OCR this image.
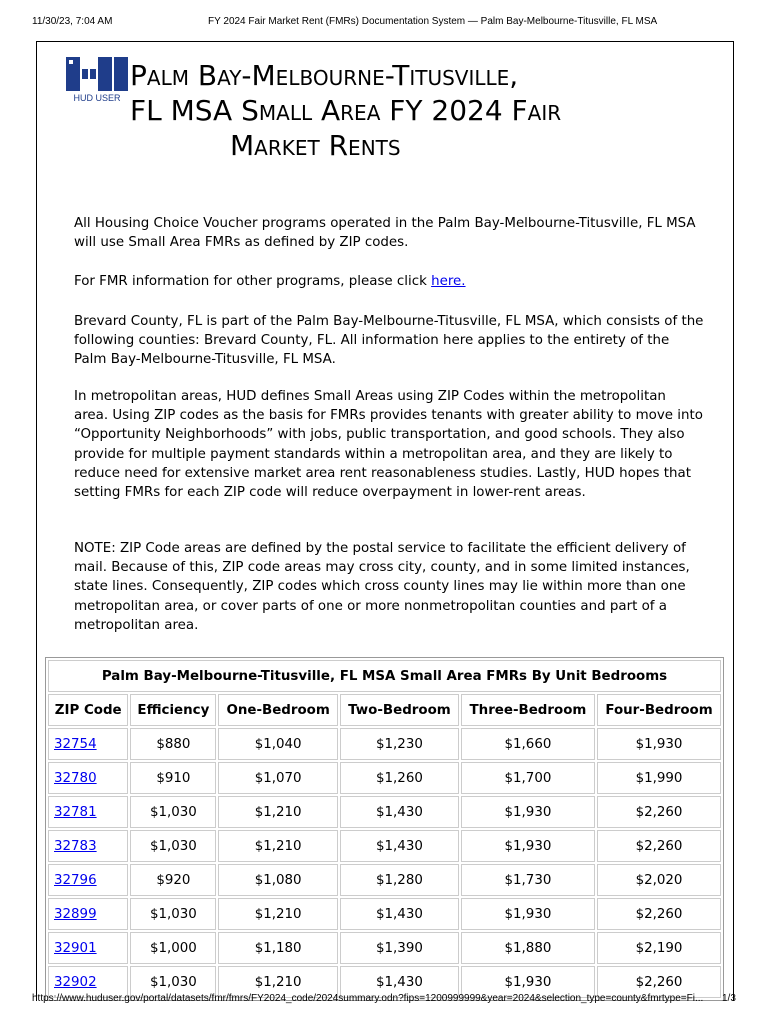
11/30/23, 7:04 AM	FY 2024 Fair Market Rent (FMRs) Documentation System — Palm Bay-Melbourne-Titusville, FL MSA
HUD USER
Palm Bay-Melbourne-Titusville,
FL MSA Small Area FY 2024 Fair
Market Rents

All Housing Choice Voucher programs operated in the Palm Bay-Melbourne-Titusville, FL MSA will use Small Area FMRs as defined by ZIP codes.

For FMR information for other programs, please click here.

Brevard County, FL is part of the Palm Bay-Melbourne-Titusville, FL MSA, which consists of the following counties: Brevard County, FL. All information here applies to the entirety of the Palm Bay-Melbourne-Titusville, FL MSA.

In metropolitan areas, HUD defines Small Areas using ZIP Codes within the metropolitan area. Using ZIP codes as the basis for FMRs provides tenants with greater ability to move into “Opportunity Neighborhoods” with jobs, public transportation, and good schools. They also provide for multiple payment standards within a metropolitan area, and they are likely to reduce need for extensive market area rent reasonableness studies. Lastly, HUD hopes that setting FMRs for each ZIP code will reduce overpayment in lower-rent areas.

NOTE: ZIP Code areas are defined by the postal service to facilitate the efficient delivery of mail. Because of this, ZIP code areas may cross city, county, and in some limited instances, state lines. Consequently, ZIP codes which cross county lines may lie within more than one metropolitan area, or cover parts of one or more nonmetropolitan counties and part of a metropolitan area.

Palm Bay-Melbourne-Titusville, FL MSA Small Area FMRs By Unit Bedrooms					
ZIP Code	Efficiency	One-Bedroom	Two-Bedroom	Three-Bedroom	Four-Bedroom
32754	$880	$1,040	$1,230	$1,660	$1,930
32780	$910	$1,070	$1,260	$1,700	$1,990
32781	$1,030	$1,210	$1,430	$1,930	$2,260
32783	$1,030	$1,210	$1,430	$1,930	$2,260
32796	$920	$1,080	$1,280	$1,730	$2,020
32899	$1,030	$1,210	$1,430	$1,930	$2,260
32901	$1,000	$1,180	$1,390	$1,880	$2,190
32902	$1,030	$1,210	$1,430	$1,930	$2,260
https://www.huduser.gov/portal/datasets/fmr/fmrs/FY2024_code/2024summary.odn?fips=1200999999&year=2024&selection_type=county&fmrtype=Fi... 1/3
